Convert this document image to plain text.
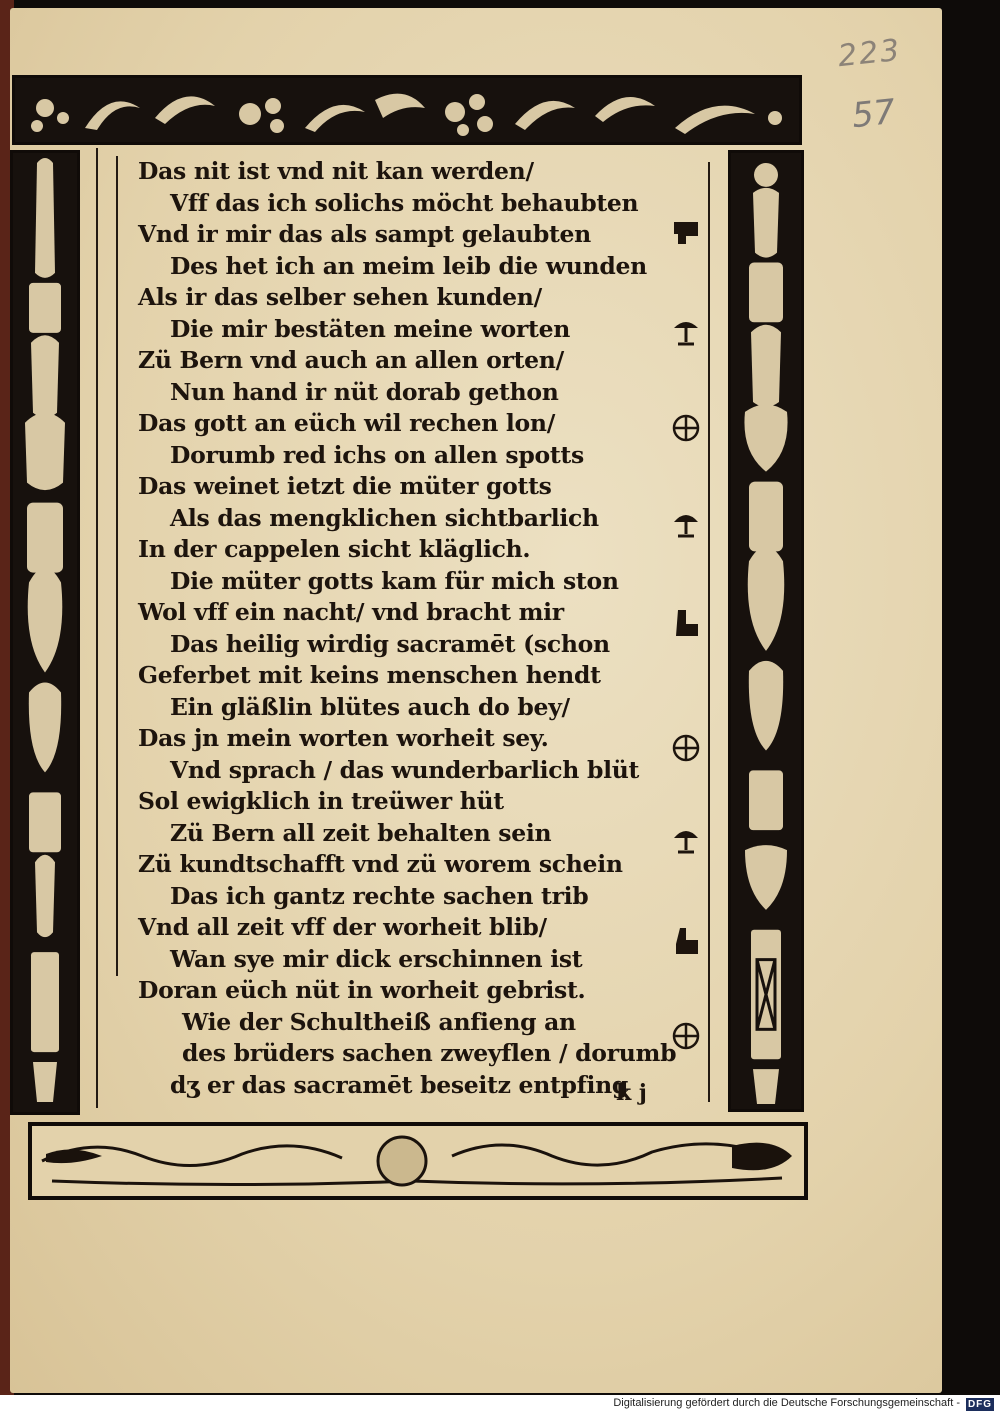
223
57
Das nit ist vnd nit kan werden/
Vff das ich solichs möcht behaubten
Vnd ir mir das als sampt gelaubten
Des het ich an meim leib die wunden
Als ir das selber sehen kunden/
Die mir bestäten meine worten
Zü Bern vnd auch an allen orten/
Nun hand ir nüt dorab gethon
Das gott an eüch wil rechen lon/
Dorumb red ichs on allen spotts
Das weinet ietzt die müter gotts
Als das mengklichen sichtbarlich
In der cappelen sicht kläglich.
Die müter gotts kam für mich ston
Wol vff ein nacht/ vnd bracht mir
Das heilig wirdig sacramēt (schon
Geferbet mit keins menschen hendt
Ein gläßlin blütes auch do bey/
Das jn mein worten worheit sey.
Vnd sprach / das wunderbarlich blüt
Sol ewigklich in treüwer hüt
Zü Bern all zeit behalten sein
Zü kundtschafft vnd zü worem schein
Das ich gantz rechte sachen trib
Vnd all zeit vff der worheit blib/
Wan sye mir dick erschinnen ist
Doran eüch nüt in worheit gebrist.
Wie der Schultheiß anfieng an
des brüders sachen zweyflen / dorumb
dʒ er das sacramēt beseitz entpfing
k j
Digitalisierung gefördert durch die Deutsche Forschungsgemeinschaft - DFG
